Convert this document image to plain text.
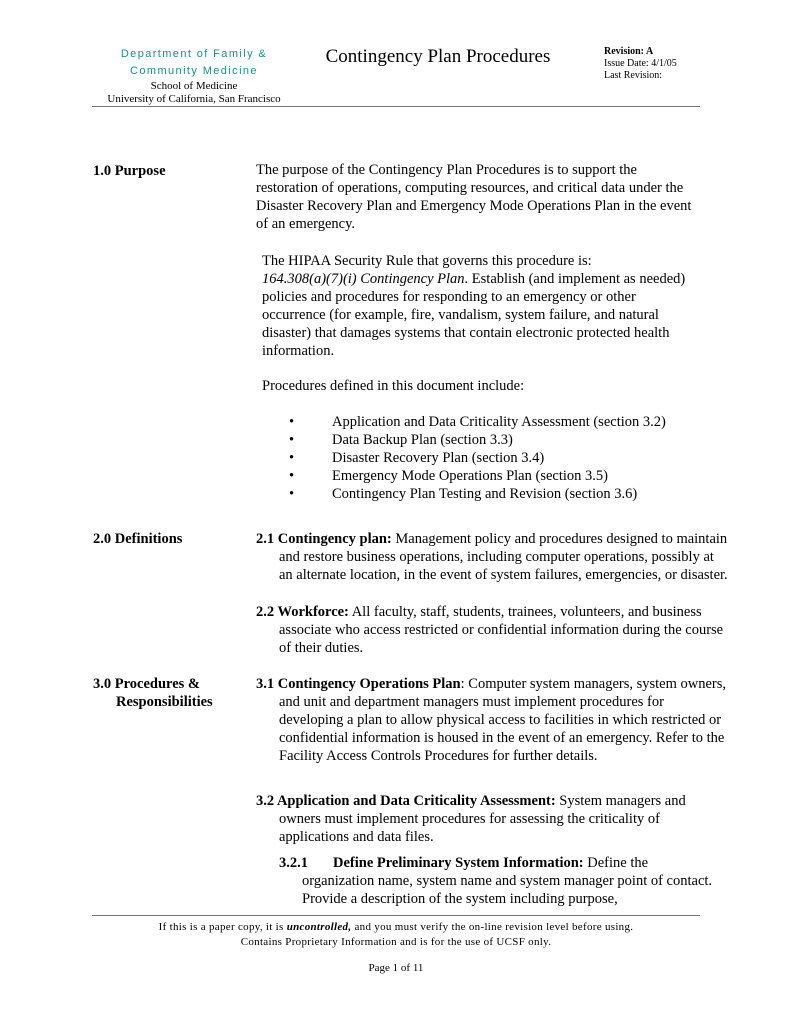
Department of Family &
Community Medicine
School of Medicine
University of California, San Francisco
Contingency Plan Procedures	Revision: A
Issue Date: 4/1/05
Last Revision:
1.0 Purpose	The purpose of the Contingency Plan Procedures is to support the restoration of operations, computing resources, and critical data under the Disaster Recovery Plan and Emergency Mode Operations Plan in the event of an emergency.

The HIPAA Security Rule that governs this procedure is:
164.308(a)(7)(i) Contingency Plan. Establish (and implement as needed) policies and procedures for responding to an emergency or other occurrence (for example, fire, vandalism, system failure, and natural disaster) that damages systems that contain electronic protected health information.

Procedures defined in this document include:

•	Application and Data Criticality Assessment (section 3.2)
•	Data Backup Plan (section 3.3)
•	Disaster Recovery Plan (section 3.4)
•	Emergency Mode Operations Plan (section 3.5)
•	Contingency Plan Testing and Revision (section 3.6)
2.0 Definitions	2.1 Contingency plan: Management policy and procedures designed to maintain and restore business operations, including computer operations, possibly at an alternate location, in the event of system failures, emergencies, or disaster.
2.2 Workforce: All faculty, staff, students, trainees, volunteers, and business associate who access restricted or confidential information during the course of their duties.
3.0 Procedures &
Responsibilities
3.1 Contingency Operations Plan: Computer system managers, system owners, and unit and department managers must implement procedures for developing a plan to allow physical access to facilities in which restricted or confidential information is housed in the event of an emergency. Refer to the Facility Access Controls Procedures for further details.
3.2 Application and Data Criticality Assessment: System managers and owners must implement procedures for assessing the criticality of applications and data files.
3.2.1 Define Preliminary System Information: Define the organization name, system name and system manager point of contact. Provide a description of the system including purpose,
If this is a paper copy, it is uncontrolled, and you must verify the on-line revision level before using.
Contains Proprietary Information and is for the use of UCSF only.
Page 1 of 11
